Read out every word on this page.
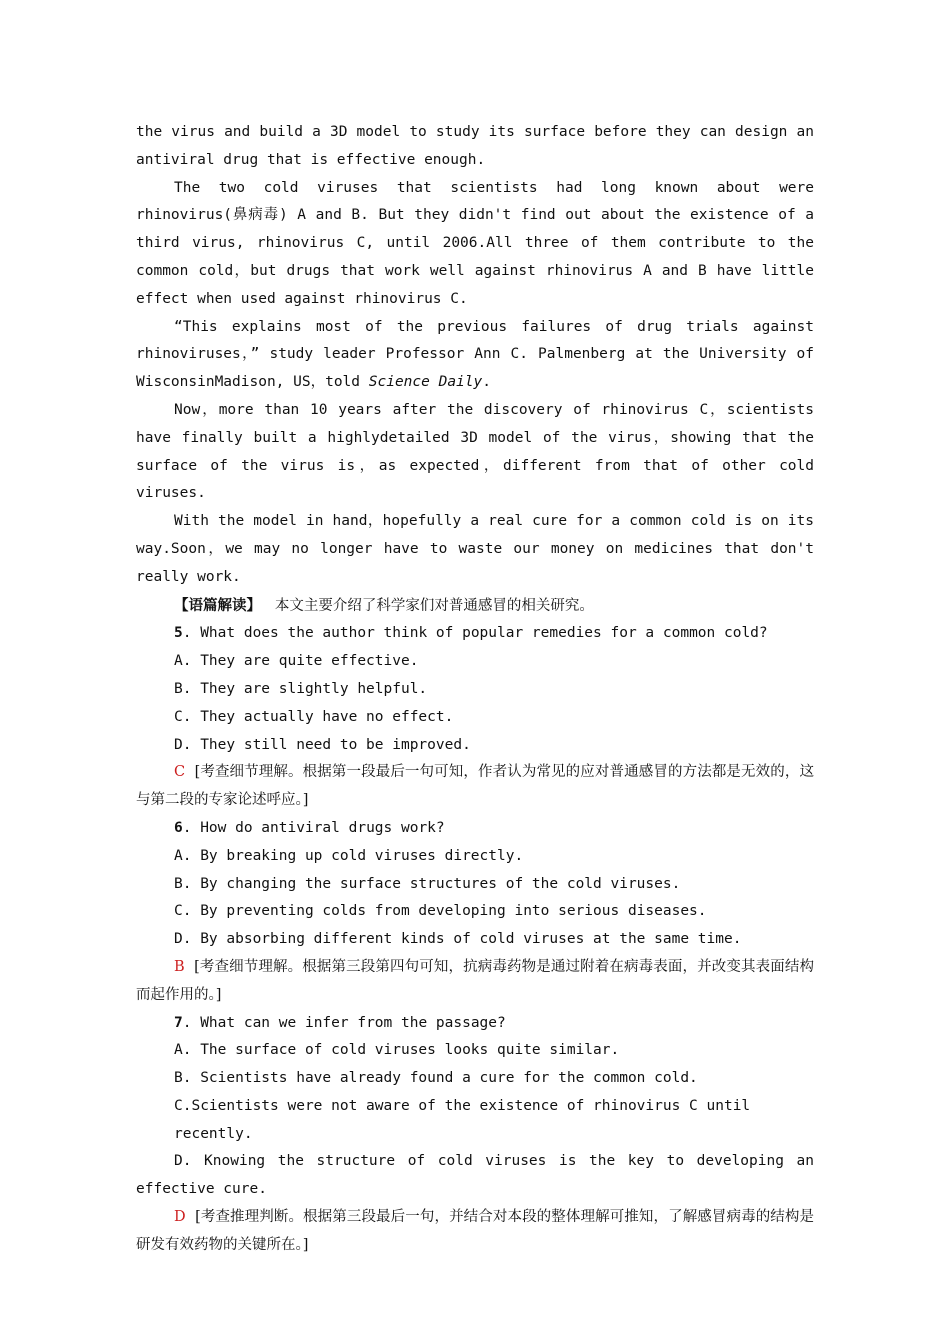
the virus and build a 3D model to study its surface before they can design an antiviral drug that is effective enough.

The two cold viruses that scientists had long known about were rhinovirus(鼻病毒) A and B. But they didn't find out about the existence of a third virus, rhinovirus C, until 2006.All three of them contribute to the common cold，but drugs that work well against rhinovirus A and B have little effect when used against rhinovirus C.

“This explains most of the previous failures of drug trials against rhinoviruses，” study leader Professor Ann C. Palmenberg at the University of WisconsinMadison, US，told Science Daily.

Now，more than 10 years after the discovery of rhinovirus C，scientists have finally built a highlydetailed 3D model of the virus，showing that the surface of the virus is，as expected，different from that of other cold viruses.

With the model in hand，hopefully a real cure for a common cold is on its way.Soon，we may no longer have to waste our money on medicines that don't really work.

【语篇解读】 本文主要介绍了科学家们对普通感冒的相关研究。

5. What does the author think of popular remedies for a common cold?

A. They are quite effective.

B. They are slightly helpful.

C. They actually have no effect.

D. They still need to be improved.

C [考查细节理解。根据第一段最后一句可知，作者认为常见的应对普通感冒的方法都是无效的，这与第二段的专家论述呼应。]

6. How do antiviral drugs work?

A. By breaking up cold viruses directly.

B. By changing the surface structures of the cold viruses.

C. By preventing colds from developing into serious diseases.

D. By absorbing different kinds of cold viruses at the same time.

B [考查细节理解。根据第三段第四句可知，抗病毒药物是通过附着在病毒表面，并改变其表面结构而起作用的。]

7. What can we infer from the passage?

A. The surface of cold viruses looks quite similar.

B. Scientists have already found a cure for the common cold.

C.Scientists were not aware of the existence of rhinovirus C until recently.

D. Knowing the structure of cold viruses is the key to developing an effective cure.

D [考查推理判断。根据第三段最后一句，并结合对本段的整体理解可推知，了解感冒病毒的结构是研发有效药物的关键所在。]
